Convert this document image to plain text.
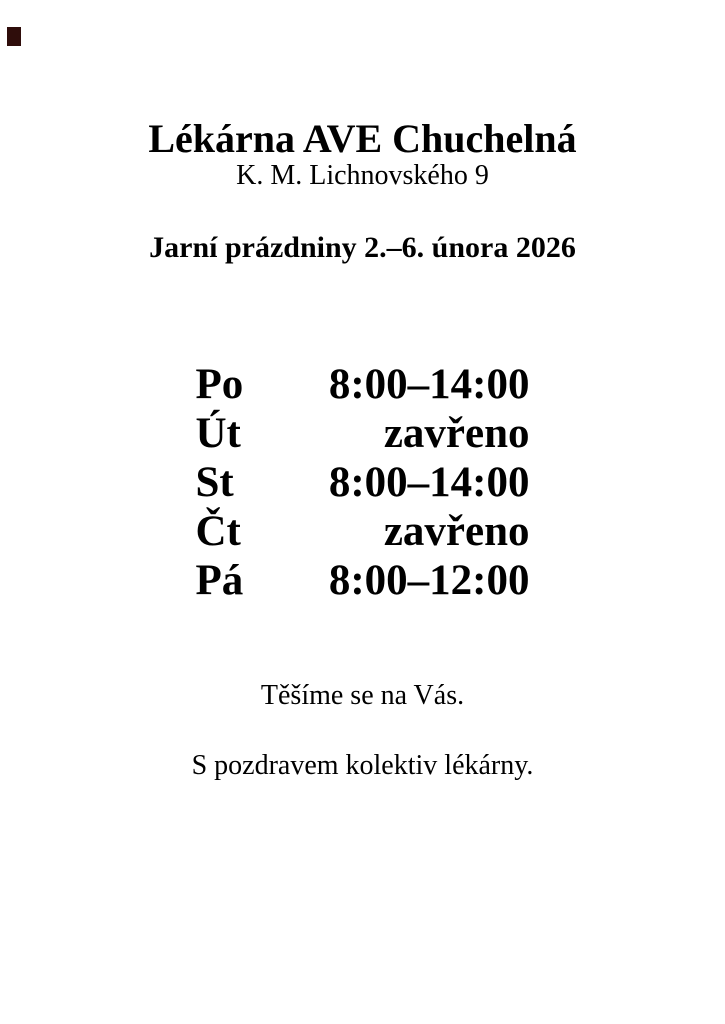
Lékárna AVE Chuchelná
K. M. Lichnovského 9
Jarní prázdniny 2.–6. února 2026
Po 8:00–14:00
Út	zavřeno
St 8:00–14:00
Čt	zavřeno
Pá 8:00–12:00
Těšíme se na Vás.
S pozdravem kolektiv lékárny.
